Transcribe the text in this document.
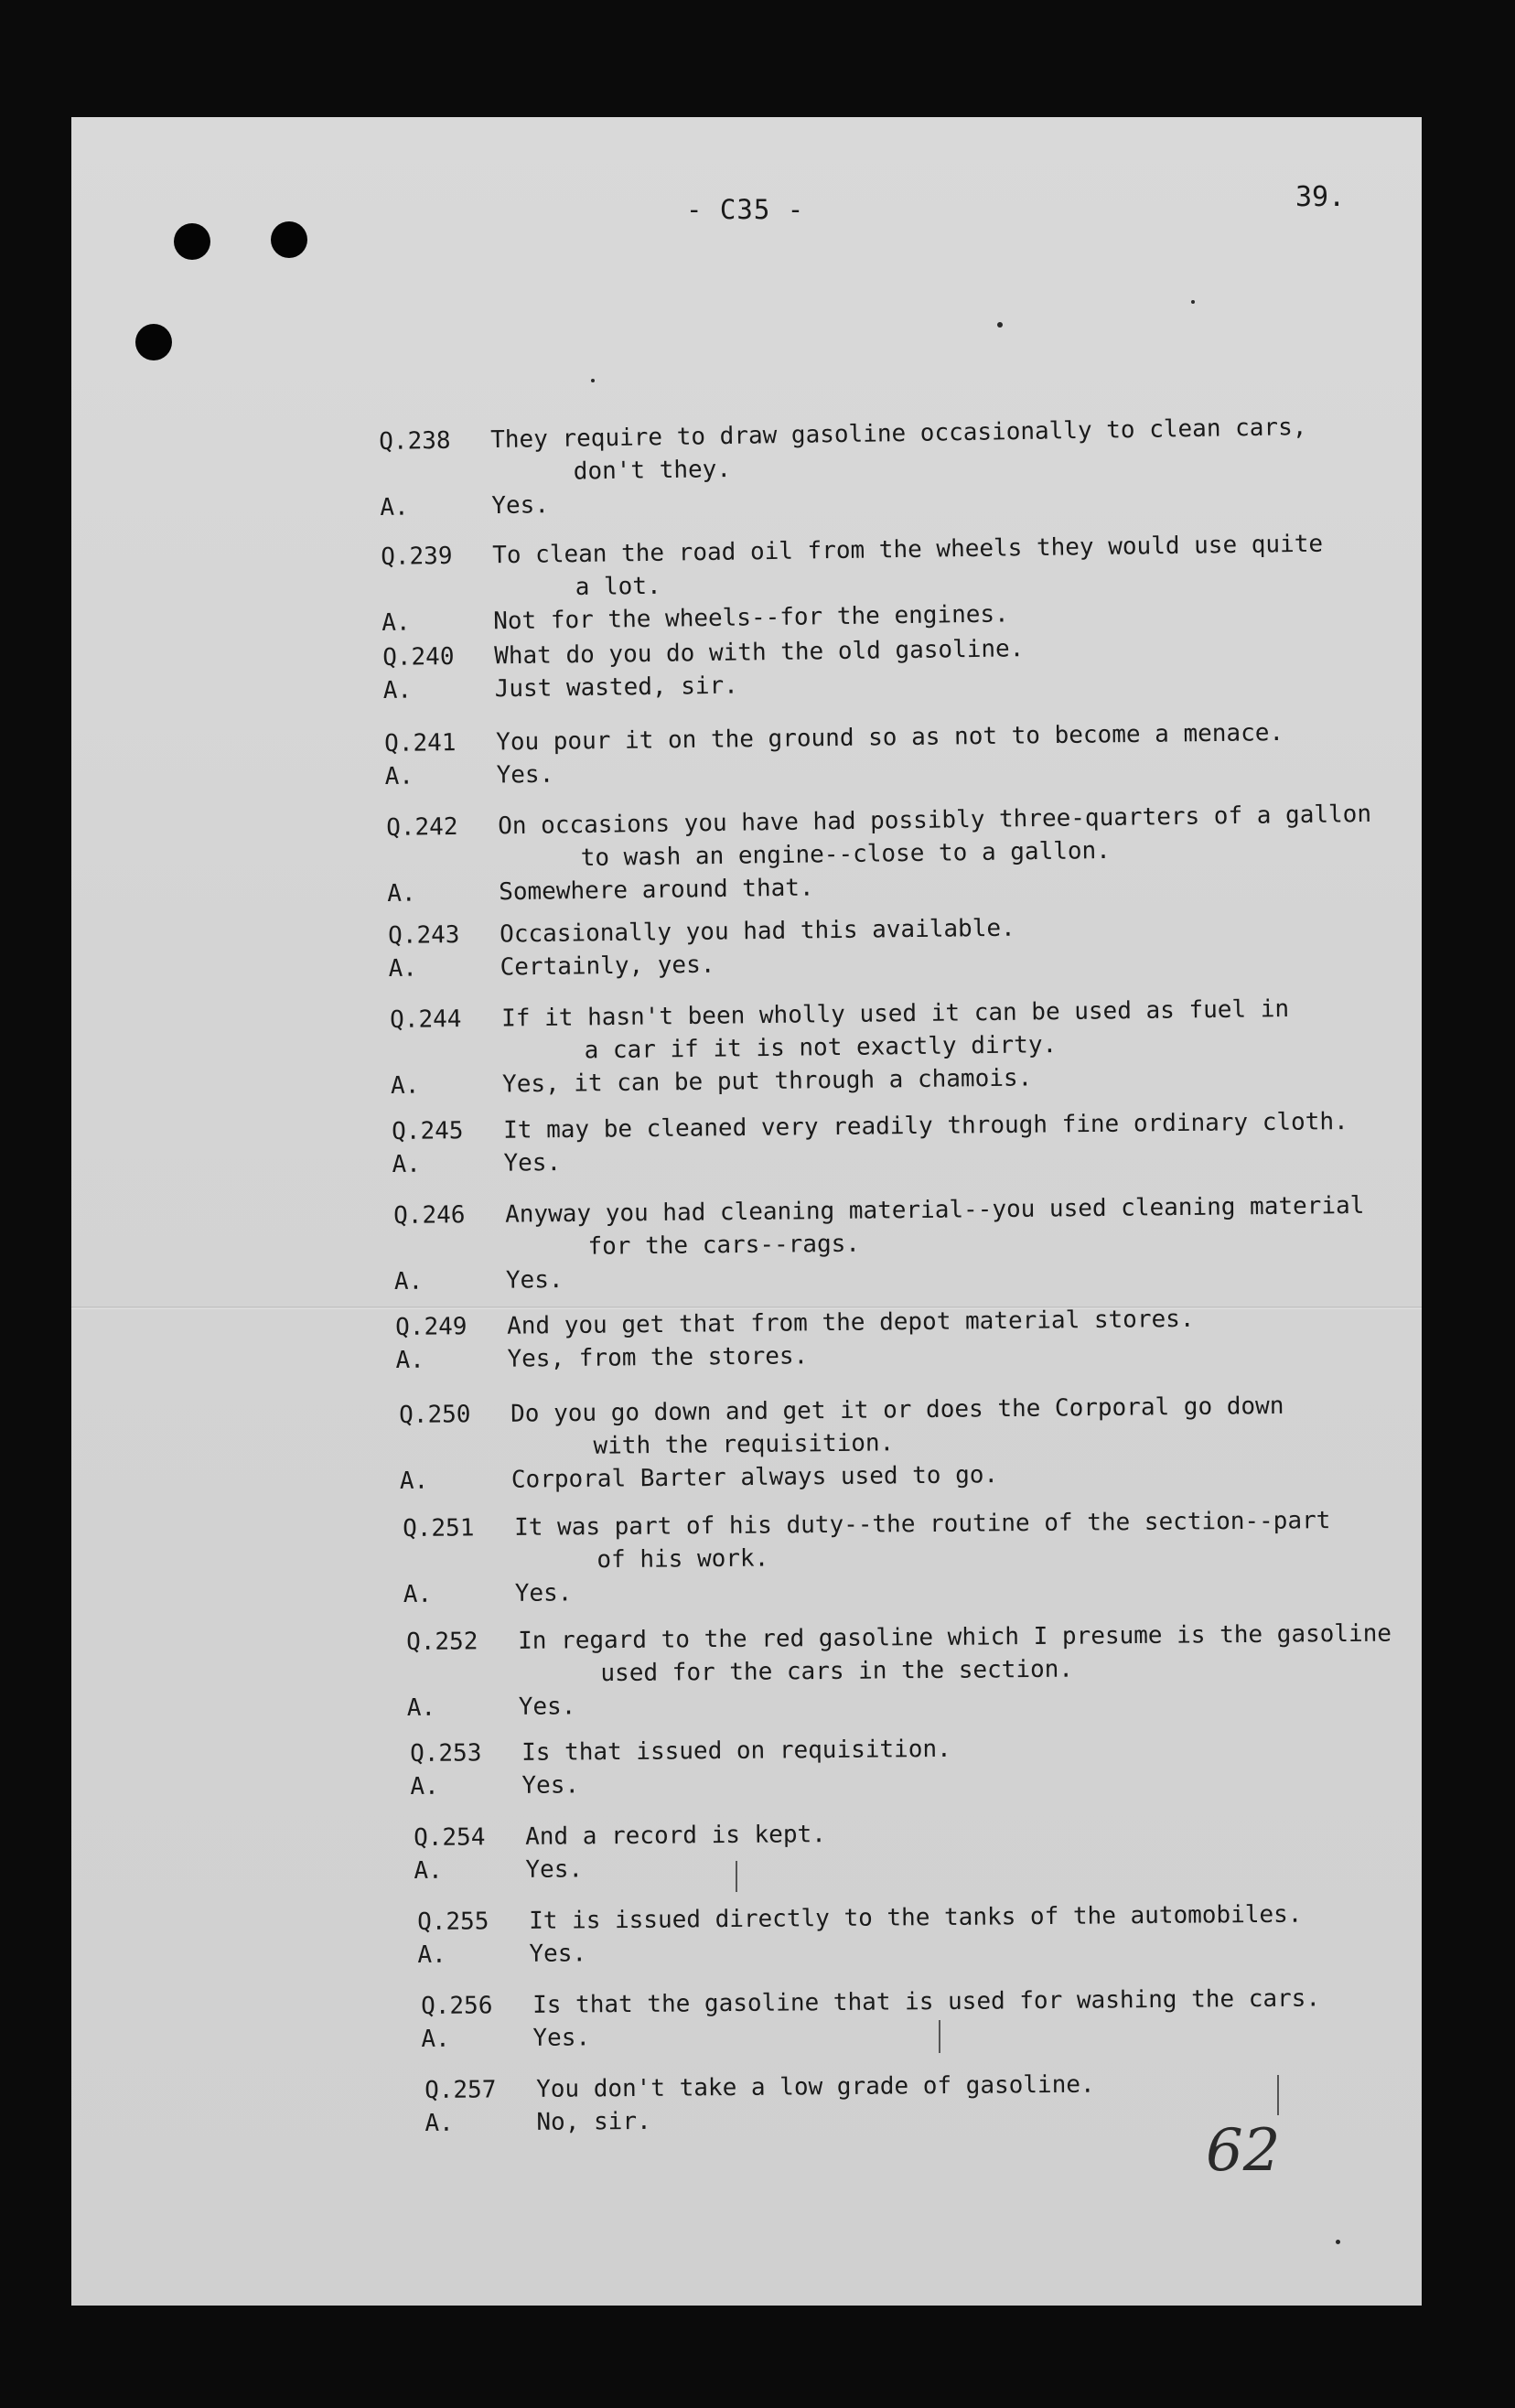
- C35 -	39.
Q.238 They require to draw gasoline occasionally to clean cars,
don't they.
A.	Yes.
Q.239 To clean the road oil from the wheels they would use quite
a lot.
A.	Not for the wheels--for the engines.
Q.240 What do you do with the old gasoline.
A.	Just wasted, sir.
Q.241 You pour it on the ground so as not to become a menace.
A.	Yes.
Q.242 On occasions you have had possibly three-quarters of a gallon
to wash an engine--close to a gallon.
A.	Somewhere around that.
Q.243 Occasionally you had this available.
A.	Certainly, yes.
Q.244 If it hasn't been wholly used it can be used as fuel in
a car if it is not exactly dirty.
A.	Yes, it can be put through a chamois.
Q.245 It may be cleaned very readily through fine ordinary cloth.
A.	Yes.
Q.246 Anyway you had cleaning material--you used cleaning material
for the cars--rags.
A.	Yes.
Q.249 And you get that from the depot material stores.
A.	Yes, from the stores.
Q.250 Do you go down and get it or does the Corporal go down
with the requisition.
A.	Corporal Barter always used to go.
Q.251 It was part of his duty--the routine of the section--part
of his work.
A.	Yes.
Q.252 In regard to the red gasoline which I presume is the gasoline
used for the cars in the section.
A.	Yes.
Q.253 Is that issued on requisition.
A.	Yes.
Q.254 And a record is kept.
A.	Yes.
Q.255 It is issued directly to the tanks of the automobiles.
A.	Yes.
Q.256 Is that the gasoline that is used for washing the cars.
A.	Yes.
Q.257 You don't take a low grade of gasoline.
A.	No, sir.	62
